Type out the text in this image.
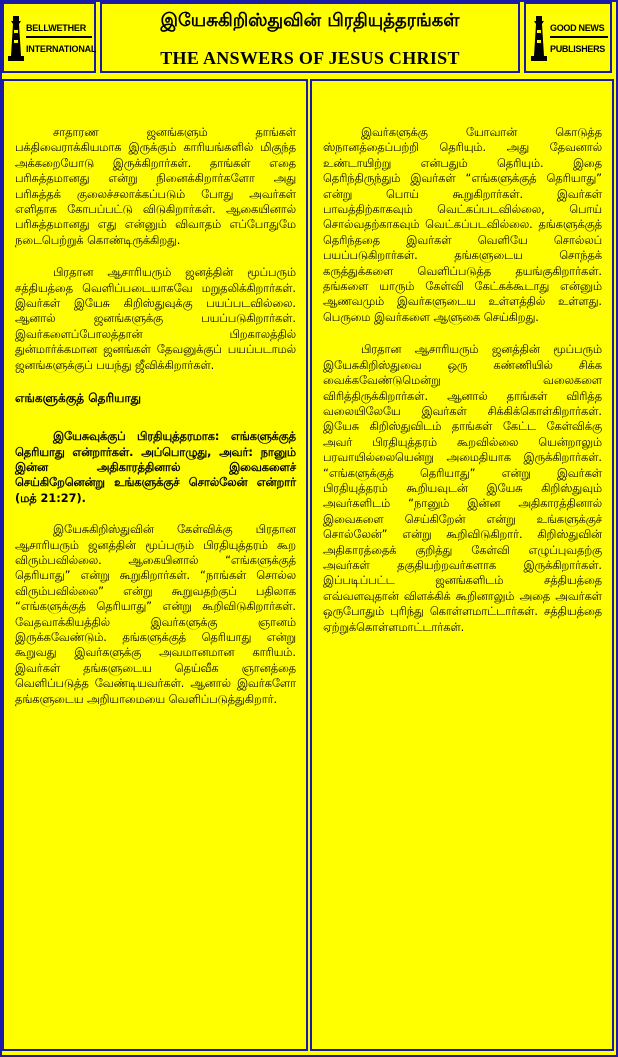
BELLWETHER
INTERNATIONAL
இயேசுகிறிஸ்துவின் பிரதியுத்தரங்கள்
THE ANSWERS OF JESUS CHRIST
GOOD NEWS
PUBLISHERS

சாதாரண ஜனங்களும் தாங்கள் பக்திவைராக்கியமாக இருக்கும் காரியங்களில் மிகுந்த அக்கறையோடு இருக்கிறார்கள். தாங்கள் எதை பரிசுத்தமானது என்று நினைக்கிறார்களோ அது பரிசுத்தக் குலைச்சலாக்கப்படும் போது அவர்கள் எளிதாக கோபப்பட்டு விடுகிறார்கள். ஆகையினால் பரிசுத்தமானது எது என்னும் விவாதம் எப்போதுமே நடைபெற்றுக் கொண்டிருக்கிறது.

பிரதான ஆசாரியரும் ஜனத்தின் மூப்பரும் சத்தியத்தை வெளிப்படையாகவே மறுதலிக்கிறார்கள். இவர்கள் இயேசு கிறிஸ்துவுக்கு பயப்படவில்லை. ஆனால் ஜனங்களுக்கு பயப்படுகிறார்கள். இவர்களைப்போலத்தான் பிறகாலத்தில் துன்மார்க்கமான ஜனங்கள் தேவனுக்குப் பயப்படாமல் ஜனங்களுக்குப் பயந்து ஜீவிக்கிறார்கள்.

எங்களுக்குத் தெரியாது

இயேசுவுக்குப் பிரதியுத்தரமாக: எங்களுக்குத் தெரியாது என்றார்கள். அப்பொழுது, அவர்: நானும் இன்ன அதிகாரத்தினால் இவைகளைச் செய்கிறேனென்று உங்களுக்குச் சொல்லேன் என்றார் (மத் 21:27).

இயேசுகிறிஸ்துவின் கேள்விக்கு பிரதான ஆசாரியரும் ஜனத்தின் மூப்பரும் பிரதியுத்தரம் கூற விரும்பவில்லை. ஆகையினால் “எங்களுக்குத் தெரியாது” என்று கூறுகிறார்கள். “நாங்கள் சொல்ல விரும்பவில்லை” என்று கூறுவதற்குப் பதிலாக “எங்களுக்குத் தெரியாது” என்று கூறிவிடுகிறார்கள். வேதவாக்கியத்தில் இவர்களுக்கு ஞானம் இருக்கவேண்டும். தங்களுக்குத் தெரியாது என்று கூறுவது இவர்களுக்கு அவமானமான காரியம். இவர்கள் தங்களுடைய தெய்வீக ஞானத்தை வெளிப்படுத்த வேண்டியவர்கள். ஆனால் இவர்களோ தங்களுடைய அறியாமையை வெளிப்படுத்துகிறார்.

இவர்களுக்கு யோவான் கொடுத்த ஸ்நானத்தைப்பற்றி தெரியும். அது தேவனால் உண்டாயிற்று என்பதும் தெரியும். இதை தெரிந்திருந்தும் இவர்கள் “எங்களுக்குத் தெரியாது” என்று பொய் கூறுகிறார்கள். இவர்கள் பாவத்திற்காகவும் வெட்கப்படவில்லை, பொய் சொல்வதற்காகவும் வெட்கப்படவில்லை. தங்களுக்குத் தெரிந்ததை இவர்கள் வெளியே சொல்லப் பயப்படுகிறார்கள். தங்களுடைய சொந்தக் கருத்துக்களை வெளிப்படுத்த தயங்குகிறார்கள். தங்களை யாரும் கேள்வி கேட்கக்கூடாது என்னும் ஆணவமும் இவர்களுடைய உள்ளத்தில் உள்ளது. பெருமை இவர்களை ஆளுகை செய்கிறது.

பிரதான ஆசாரியரும் ஜனத்தின் மூப்பரும் இயேசுகிறிஸ்துவை ஒரு கண்ணியில் சிக்க வைக்கவேண்டுமென்று வலைகளை விரித்திருக்கிறார்கள். ஆனால் தாங்கள் விரித்த வலையிலேயே இவர்கள் சிக்கிக்கொள்கிறார்கள். இயேசு கிறிஸ்துவிடம் தாங்கள் கேட்ட கேள்விக்கு அவர் பிரதியுத்தரம் கூறவில்லை யென்றாலும் பரவாயில்லையென்று அமைதியாக இருக்கிறார்கள். “எங்களுக்குத் தெரியாது” என்று இவர்கள் பிரதியுத்தரம் கூறியவுடன் இயேசு கிறிஸ்துவும் அவர்களிடம் “நானும் இன்ன அதிகாரத்தினால் இவைகளை செய்கிறேன் என்று உங்களுக்குச் சொல்லேன்” என்று கூறிவிடுகிறார். கிறிஸ்துவின் அதிகாரத்தைக் குறித்து கேள்வி எழுப்புவதற்கு அவர்கள் தகுதியற்றவர்களாக இருக்கிறார்கள். இப்படிப்பட்ட ஜனங்களிடம் சத்தியத்தை எவ்வளவுதான் விளக்கிக் கூறினாலும் அதை அவர்கள் ஒருபோதும் புரிந்து கொள்ளமாட்டார்கள். சத்தியத்தை ஏற்றுக்கொள்ளமாட்டார்கள்.
